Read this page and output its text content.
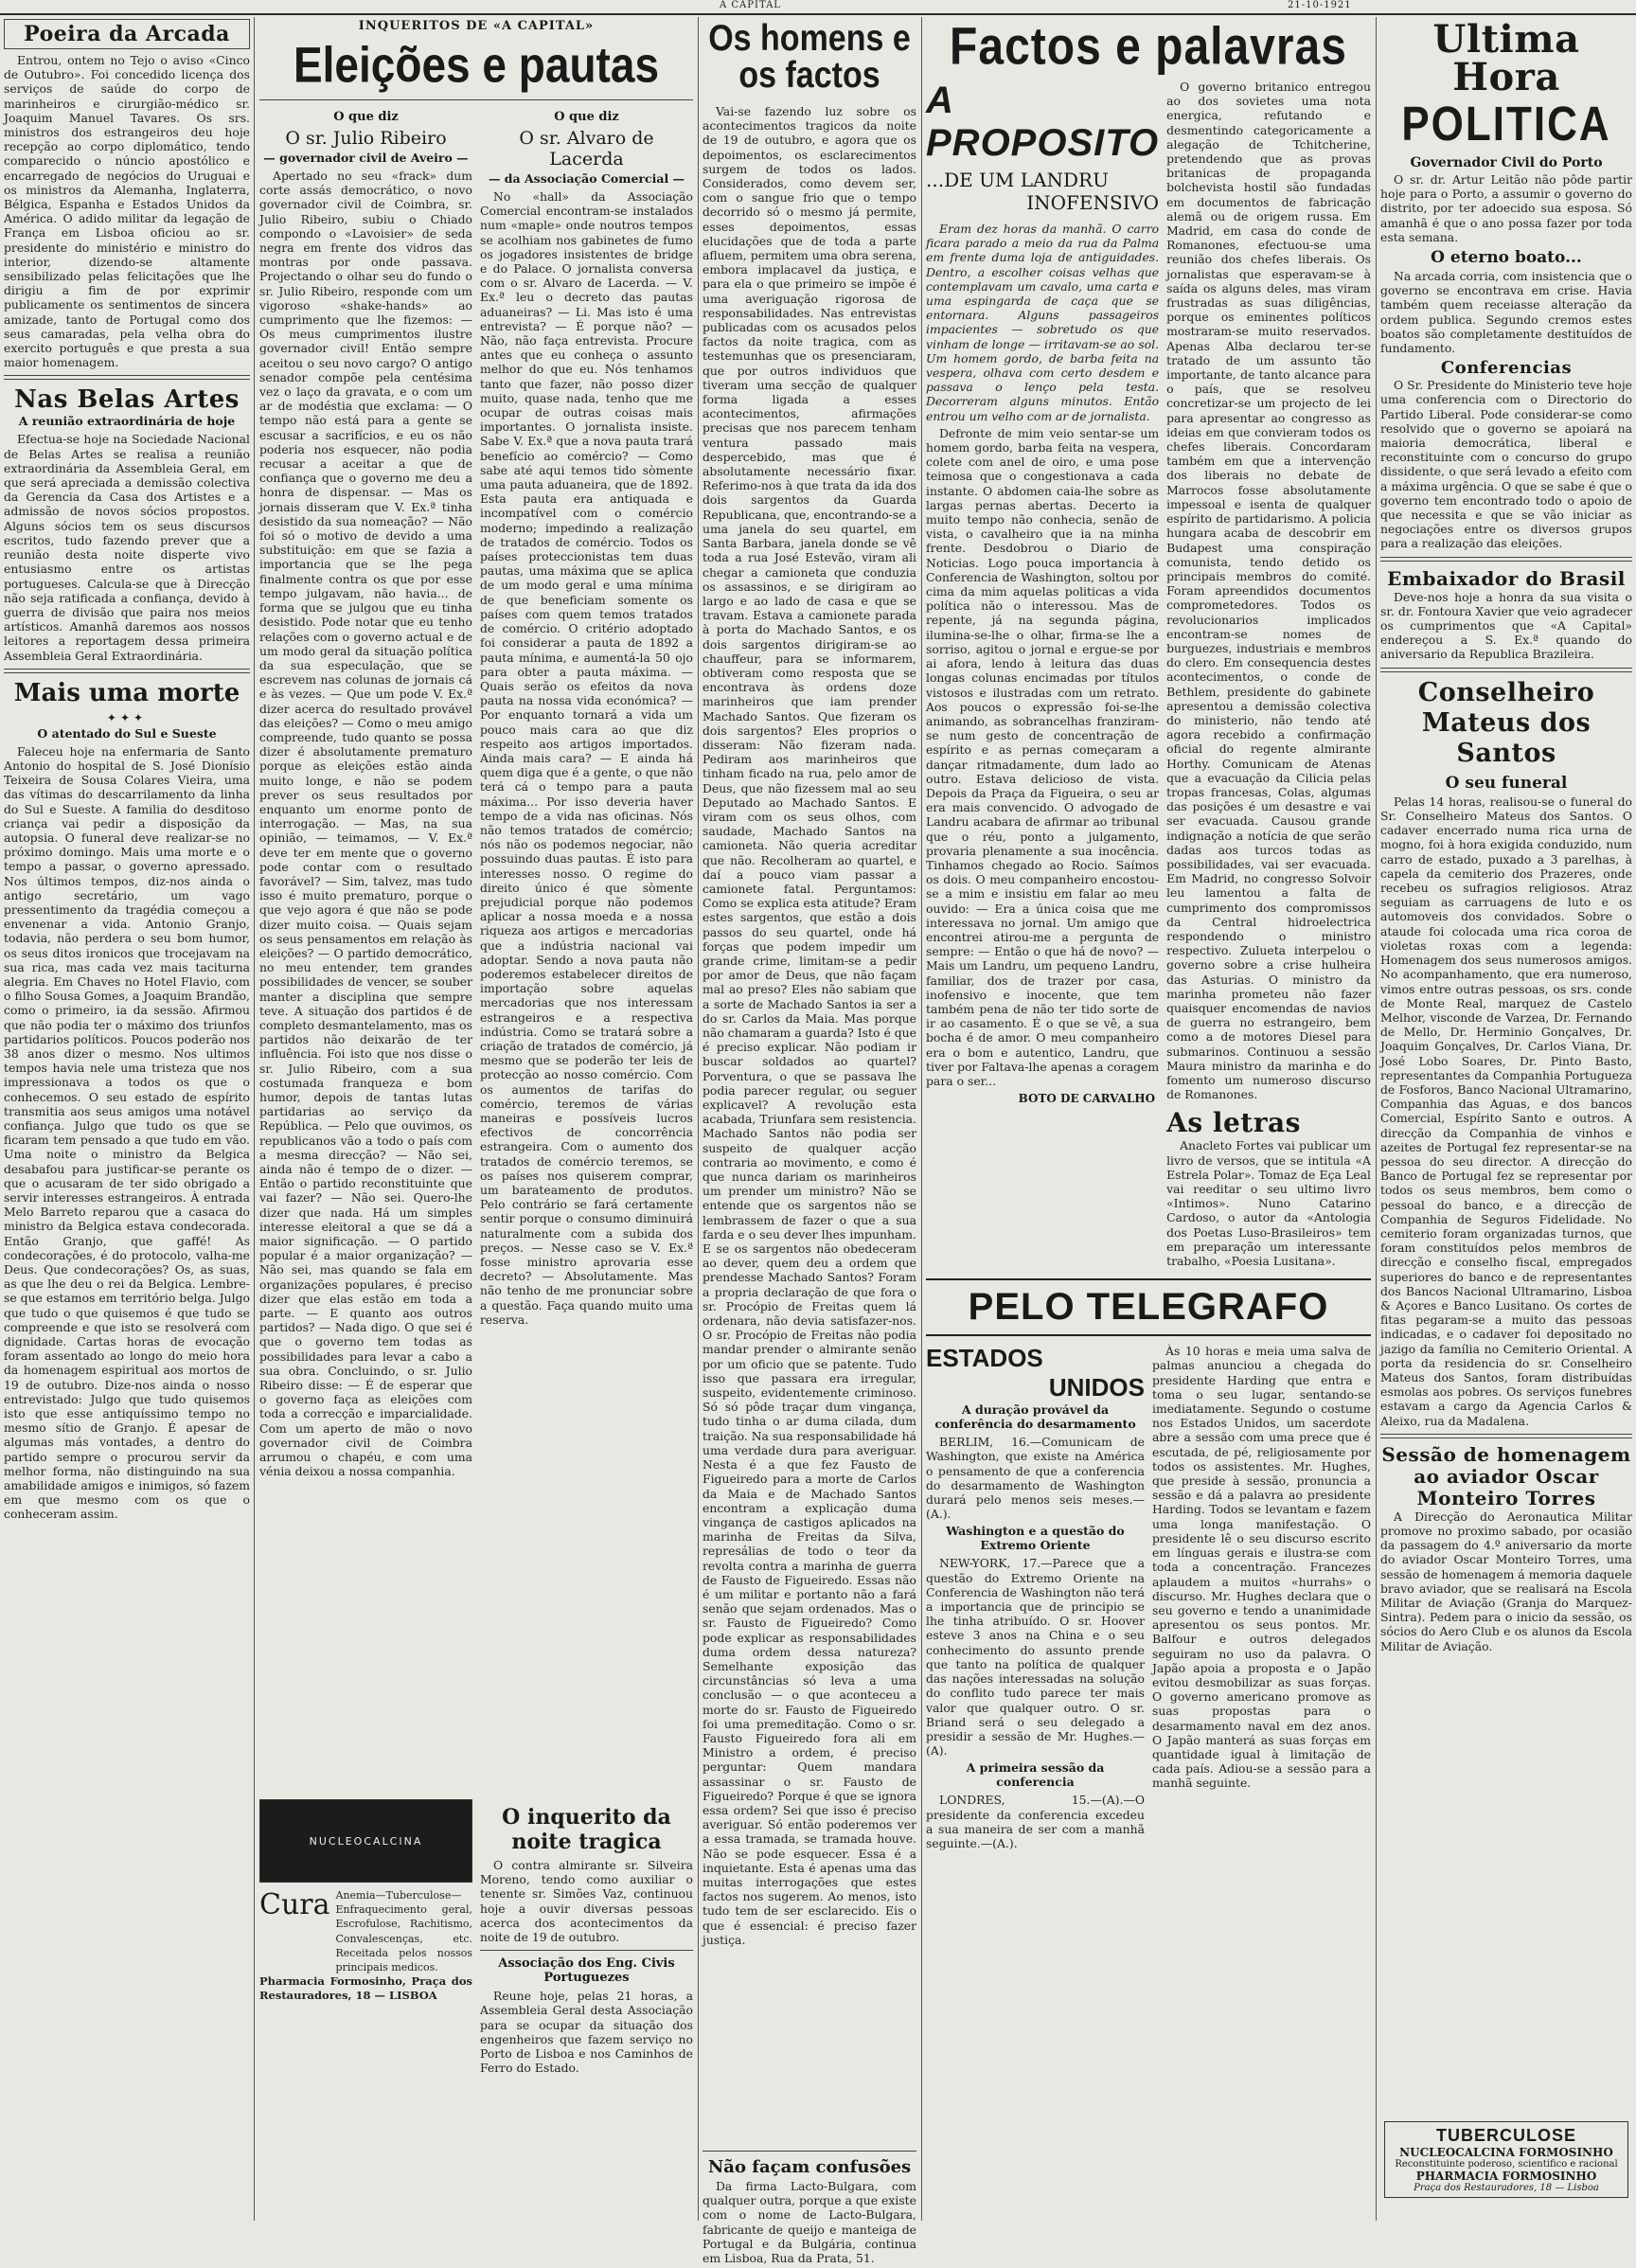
A CAPITAL	21-10-1921
Poeira da Arcada

Entrou, ontem no Tejo o aviso «Cinco de Outubro». Foi concedido licença dos serviços de saúde do corpo de marinheiros e cirurgião-médico sr. Joaquim Manuel Tavares. Os srs. ministros dos estrangeiros deu hoje recepção ao corpo diplomático, tendo comparecido o núncio apostólico e encarregado de negócios do Uruguai e os ministros da Alemanha, Inglaterra, Bélgica, Espanha e Estados Unidos da América. O adido militar da legação de França em Lisboa oficiou ao sr. presidente do ministério e ministro do interior, dizendo-se altamente sensibilizado pelas felicitações que lhe dirigiu a fim de por exprimir publicamente os sentimentos de sincera amizade, tanto de Portugal como dos seus camaradas, pela velha obra do exercito português e que presta a sua maior homenagem.

Nas Belas Artes
A reunião extraordinária de hoje

Efectua-se hoje na Sociedade Nacional de Belas Artes se realisa a reunião extraordinária da Assembleia Geral, em que será apreciada a demissão colectiva da Gerencia da Casa dos Artistes e a admissão de novos sócios propostos. Alguns sócios tem os seus discursos escritos, tudo fazendo prever que a reunião desta noite disperte vivo entusiasmo entre os artistas portugueses. Calcula-se que à Direcção não seja ratificada a confiança, devido à guerra de divisão que paira nos meios artísticos. Amanhã daremos aos nossos leitores a reportagem dessa primeira Assembleia Geral Extraordinária.

Mais uma morte
✦✦✦
O atentado do Sul e Sueste

Faleceu hoje na enfermaria de Santo Antonio do hospital de S. José Dionísio Teixeira de Sousa Colares Vieira, uma das vítimas do descarrilamento da linha do Sul e Sueste. A familia do desditoso criança vai pedir a disposição da autopsia. O funeral deve realizar-se no próximo domingo. Mais uma morte e o tempo a passar, o governo apressado. Nos últimos tempos, diz-nos ainda o antigo secretário, um vago pressentimento da tragédia começou a envenenar a vida. Antonio Granjo, todavia, não perdera o seu bom humor, os seus ditos ironicos que trocejavam na sua rica, mas cada vez mais taciturna alegria. Em Chaves no Hotel Flavio, com o filho Sousa Gomes, a Joaquim Brandão, como o primeiro, ia da sessão. Afirmou que não podia ter o máximo dos triunfos partidarios políticos. Poucos poderão nos 38 anos dizer o mesmo. Nos ultimos tempos havia nele uma tristeza que nos impressionava a todos os que o conhecemos. O seu estado de espírito transmitia aos seus amigos uma notável confiança. Julgo que tudo os que se ficaram tem pensado a que tudo em vão. Uma noite o ministro da Belgica desabafou para justificar-se perante os que o acusaram de ter sido obrigado a servir interesses estrangeiros. À entrada Melo Barreto reparou que a casaca do ministro da Belgica estava condecorada. Então Granjo, que gaffé! As condecorações, é do protocolo, valha-me Deus. Que condecorações? Os, as suas, as que lhe deu o rei da Belgica. Lembre-se que estamos em território belga. Julgo que tudo o que quisemos é que tudo se compreende e que isto se resolverá com dignidade. Cartas horas de evocação foram assentado ao longo do meio hora da homenagem espiritual aos mortos de 19 de outubro. Dize-nos ainda o nosso entrevistado: Julgo que tudo quisemos isto que esse antiquíssimo tempo no mesmo sítio de Granjo. É apesar de algumas más vontades, a dentro do partido sempre o procurou servir da melhor forma, não distinguindo na sua amabilidade amigos e inimigos, só fazem em que mesmo com os que o conheceram assim.

INQUERITOS DE «A CAPITAL»
Eleições e pautas
O que diz
O sr. Julio Ribeiro
— governador civil de Aveiro —

Apertado no seu «frack» dum corte assás democrático, o novo governador civil de Coimbra, sr. Julio Ribeiro, subiu o Chiado compondo o «Lavoisier» de seda negra em frente dos vidros das montras por onde passava. Projectando o olhar seu do fundo o sr. Julio Ribeiro, responde com um vigoroso «shake-hands» ao cumprimento que lhe fizemos: — Os meus cumprimentos ilustre governador civil! Então sempre aceitou o seu novo cargo? O antigo senador compõe pela centésima vez o laço da gravata, e o com um ar de modéstia que exclama: — O tempo não está para a gente se escusar a sacrifícios, e eu os não poderia nos esquecer, não podia recusar a aceitar a que de confiança que o governo me deu a honra de dispensar. — Mas os jornais disseram que V. Ex.ª tinha desistido da sua nomeação? — Não foi só o motivo de devido a uma substituição: em que se fazia a importancia que se lhe pega finalmente contra os que por esse tempo julgavam, não havia... de forma que se julgou que eu tinha desistido. Pode notar que eu tenho relações com o governo actual e de um modo geral da situação política da sua especulação, que se escrevem nas colunas de jornais cá e às vezes. — Que um pode V. Ex.ª dizer acerca do resultado provável das eleições? — Como o meu amigo compreende, tudo quanto se possa dizer é absolutamente prematuro porque as eleições estão ainda muito longe, e não se podem prever os seus resultados por enquanto um enorme ponto de interrogação. — Mas, na sua opinião, — teimamos, — V. Ex.ª deve ter em mente que o governo pode contar com o resultado favorável? — Sim, talvez, mas tudo isso é muito prematuro, porque o que vejo agora é que não se pode dizer muito coisa. — Quais sejam os seus pensamentos em relação às eleições? — O partido democrático, no meu entender, tem grandes possibilidades de vencer, se souber manter a disciplina que sempre teve. A situação dos partidos é de completo desmantelamento, mas os partidos não deixarão de ter influência. Foi isto que nos disse o sr. Julio Ribeiro, com a sua costumada franqueza e bom humor, depois de tantas lutas partidarias ao serviço da República. — Pelo que ouvimos, os republicanos vão a todo o país com a mesma direcção? — Não sei, ainda não é tempo de o dizer. — Então o partido reconstituinte que vai fazer? — Não sei. Quero-lhe dizer que nada. Há um simples interesse eleitoral a que se dá a maior significação. — O partido popular é a maior organização? — Não sei, mas quando se fala em organizações populares, é preciso dizer que elas estão em toda a parte. — E quanto aos outros partidos? — Nada digo. O que sei é que o governo tem todas as possibilidades para levar a cabo a sua obra. Concluindo, o sr. Julio Ribeiro disse: — É de esperar que o governo faça as eleições com toda a correcção e imparcialidade. Com um aperto de mão o novo governador civil de Coimbra arrumou o chapéu, e com uma vénia deixou a nossa companhia.

O que diz
O sr. Alvaro de Lacerda
— da Associação Comercial —

No «hall» da Associação Comercial encontram-se instalados num «maple» onde noutros tempos se acolhiam nos gabinetes de fumo os jogadores insistentes de bridge e do Palace. O jornalista conversa com o sr. Alvaro de Lacerda. — V. Ex.ª leu o decreto das pautas aduaneiras? — Li. Mas isto é uma entrevista? — É porque não? — Não, não faça entrevista. Procure antes que eu conheça o assunto melhor do que eu. Nós tenhamos tanto que fazer, não posso dizer muito, quase nada, tenho que me ocupar de outras coisas mais importantes. O jornalista insiste. Sabe V. Ex.ª que a nova pauta trará benefício ao comércio? — Como sabe até aqui temos tido sòmente uma pauta aduaneira, que de 1892. Esta pauta era antiquada e incompatível com o comércio moderno; impedindo a realização de tratados de comércio. Todos os países proteccionistas tem duas pautas, uma máxima que se aplica de um modo geral e uma mínima de que beneficiam somente os países com quem temos tratados de comércio. O critério adoptado foi considerar a pauta de 1892 a pauta mínima, e aumentá-la 50 ojo para obter a pauta máxima. — Quais serão os efeitos da nova pauta na nossa vida económica? — Por enquanto tornará a vida um pouco mais cara ao que diz respeito aos artigos importados. Ainda mais cara? — E ainda há quem diga que é a gente, o que não terá cá o tempo para a pauta máxima... Por isso deveria haver tempo de a vida nas oficinas. Nós não temos tratados de comércio; nós não os podemos negociar, não possuindo duas pautas. É isto para interesses nosso. O regime do direito único é que sòmente prejudicial porque não podemos aplicar a nossa moeda e a nossa riqueza aos artigos e mercadorias que a indústria nacional vai adoptar. Sendo a nova pauta não poderemos estabelecer direitos de importação sobre aquelas mercadorias que nos interessam estrangeiros e a respectiva indústria. Como se tratará sobre a criação de tratados de comércio, já mesmo que se poderão ter leis de protecção ao nosso comércio. Com os aumentos de tarifas do comércio, teremos de várias maneiras e possíveis lucros efectivos de concorrência estrangeira. Com o aumento dos tratados de comércio teremos, se os países nos quiserem comprar, um barateamento de produtos. Pelo contrário se fará certamente sentir porque o consumo diminuirá naturalmente com a subida dos preços. — Nesse caso se V. Ex.ª fosse ministro aprovaria esse decreto? — Absolutamente. Mas não tenho de me pronunciar sobre a questão. Faça quando muito uma reserva.

NUCLEOCALCINA
Cura Anemia—Tuberculose—Enfraquecimento geral, Escrofulose, Rachitismo, Convalescenças, etc. Receitada pelos nossos principais medicos.
Pharmacia Formosinho, Praça dos Restauradores, 18 — LISBOA
O inquerito da noite tragica

O contra almirante sr. Silveira Moreno, tendo como auxiliar o tenente sr. Simões Vaz, continuou hoje a ouvir diversas pessoas acerca dos acontecimentos da noite de 19 de outubro.

Associação dos Eng. Civis Portuguezes

Reune hoje, pelas 21 horas, a Assembleia Geral desta Associação para se ocupar da situação dos engenheiros que fazem serviço no Porto de Lisboa e nos Caminhos de Ferro do Estado.

Os homens e os factos

Vai-se fazendo luz sobre os acontecimentos tragicos da noite de 19 de outubro, e agora que os depoimentos, os esclarecimentos surgem de todos os lados. Considerados, como devem ser, com o sangue frio que o tempo decorrido só o mesmo já permite, esses depoimentos, essas elucidações que de toda a parte afluem, permitem uma obra serena, embora implacavel da justiça, e para ela o que primeiro se impõe é uma averiguação rigorosa de responsabilidades. Nas entrevistas publicadas com os acusados pelos factos da noite tragica, com as testemunhas que os presenciaram, que por outros individuos que tiveram uma secção de qualquer forma ligada a esses acontecimentos, afirmações precisas que nos parecem tenham ventura passado mais despercebido, mas que é absolutamente necessário fixar. Referimo-nos à que trata da ida dos dois sargentos da Guarda Republicana, que, encontrando-se a uma janela do seu quartel, em Santa Barbara, janela donde se vê toda a rua José Estevão, viram ali chegar a camioneta que conduzia os assassinos, e se dirigiram ao largo e ao lado de casa e que se travam. Estava a camionete parada à porta do Machado Santos, e os dois sargentos dirigiram-se ao chauffeur, para se informarem, obtiveram como resposta que se encontrava às ordens doze marinheiros que iam prender Machado Santos. Que fizeram os dois sargentos? Eles proprios o disseram: Não fizeram nada. Pediram aos marinheiros que tinham ficado na rua, pelo amor de Deus, que não fizessem mal ao seu Deputado ao Machado Santos. E viram com os seus olhos, com saudade, Machado Santos na camioneta. Não queria acreditar que não. Recolheram ao quartel, e daí a pouco viam passar a camionete fatal. Perguntamos: Como se explica esta atitude? Eram estes sargentos, que estão a dois passos do seu quartel, onde há forças que podem impedir um grande crime, limitam-se a pedir por amor de Deus, que não façam mal ao preso? Eles não sabiam que a sorte de Machado Santos ia ser a do sr. Carlos da Maia. Mas porque não chamaram a guarda? Isto é que é preciso explicar. Não podiam ir buscar soldados ao quartel? Porventura, o que se passava lhe podia parecer regular, ou seguer explicavel? A revolução esta acabada, Triunfara sem resistencia. Machado Santos não podia ser suspeito de qualquer acção contraria ao movimento, e como é que nunca dariam os marinheiros um prender um ministro? Não se entende que os sargentos não se lembrassem de fazer o que a sua farda e o seu dever lhes impunham. E se os sargentos não obedeceram ao dever, quem deu a ordem que prendesse Machado Santos? Foram a propria declaração de que fora o sr. Procópio de Freitas quem lá ordenara, não devia satisfazer-nos. O sr. Procópio de Freitas não podia mandar prender o almirante senão por um oficio que se patente. Tudo isso que passara era irregular, suspeito, evidentemente criminoso. Só só pôde traçar dum vingança, tudo tinha o ar duma cilada, dum traição. Na sua responsabilidade há uma verdade dura para averiguar. Nesta é a que fez Fausto de Figueiredo para a morte de Carlos da Maia e de Machado Santos encontram a explicação duma vingança de castigos aplicados na marinha de Freitas da Silva, represálias de todo o teor da revolta contra a marinha de guerra de Fausto de Figueiredo. Essas não é um militar e portanto não a fará senão que sejam ordenados. Mas o sr. Fausto de Figueiredo? Como pode explicar as responsabilidades duma ordem dessa natureza? Semelhante exposição das circunstâncias só leva a uma conclusão — o que aconteceu a morte do sr. Fausto de Figueiredo foi uma premeditação. Como o sr. Fausto Figueiredo fora ali em Ministro a ordem, é preciso perguntar: Quem mandara assassinar o sr. Fausto de Figueiredo? Porque é que se ignora essa ordem? Sei que isso é preciso averiguar. Só então poderemos ver a essa tramada, se tramada houve. Não se pode esquecer. Essa é a inquietante. Esta é apenas uma das muitas interrogações que estes factos nos sugerem. Ao menos, isto tudo tem de ser esclarecido. Eis o que é essencial: é preciso fazer justiça.

Não façam confusões

Da firma Lacto-Bulgara, com qualquer outra, porque a que existe com o nome de Lacto-Bulgara, fabricante de queijo e manteiga de Portugal e da Bulgária, continua em Lisboa, Rua da Prata, 51.

Factos e palavras
A PROPOSITO
...DE UM LANDRU
INOFENSIVO

Eram dez horas da manhã. O carro ficara parado a meio da rua da Palma em frente duma loja de antiguidades. Dentro, a escolher coisas velhas que contemplavam um cavalo, uma carta e uma espingarda de caça que se entornara. Alguns passageiros impacientes — sobretudo os que vinham de longe — irritavam-se ao sol. Um homem gordo, de barba feita na vespera, olhava com certo desdem e passava o lenço pela testa. Decorreram alguns minutos. Então entrou um velho com ar de jornalista.

Defronte de mim veio sentar-se um homem gordo, barba feita na vespera, colete com anel de oiro, e uma pose teimosa que o congestionava a cada instante. O abdomen caia-lhe sobre as largas pernas abertas. Decerto ia muito tempo não conhecia, senão de vista, o cavalheiro que ia na minha frente. Desdobrou o Diario de Noticias. Logo pouca importancia à Conferencia de Washington, soltou por cima da mim aquelas politicas a vida política não o interessou. Mas de repente, já na segunda página, ilumina-se-lhe o olhar, firma-se lhe a sorriso, agitou o jornal e ergue-se por ai afora, lendo à leitura das duas longas colunas encimadas por títulos vistosos e ilustradas com um retrato. Aos poucos o expressão foi-se-lhe animando, as sobrancelhas franziram-se num gesto de concentração de espírito e as pernas começaram a dançar ritmadamente, dum lado ao outro. Estava delicioso de vista. Depois da Praça da Figueira, o seu ar era mais convencido. O advogado de Landru acabara de afirmar ao tribunal que o réu, ponto a julgamento, provaria plenamente a sua inocência. Tinhamos chegado ao Rocio. Saímos os dois. O meu companheiro encostou-se a mim e insistiu em falar ao meu ouvido: — Era a única coisa que me interessava no jornal. Um amigo que encontrei atirou-me a pergunta de sempre: — Então o que há de novo? — Mais um Landru, um pequeno Landru, familiar, dos de trazer por casa, inofensivo e inocente, que tem também pena de não ter tido sorte de ir ao casamento. É o que se vê, a sua bocha é de amor. O meu companheiro era o bom e autentico, Landru, que tiver por Faltava-lhe apenas a coragem para o ser...

BOTO DE CARVALHO

O governo britanico entregou ao dos sovietes uma nota energica, refutando e desmentindo categoricamente a alegação de Tchitcherine, pretendendo que as provas britanicas de propaganda bolchevista hostil são fundadas em documentos de fabricação alemã ou de origem russa. Em Madrid, em casa do conde de Romanones, efectuou-se uma reunião dos chefes liberais. Os jornalistas que esperavam-se à saída os alguns deles, mas viram frustradas as suas diligências, porque os eminentes políticos mostraram-se muito reservados. Apenas Alba declarou ter-se tratado de um assunto tão importante, de tanto alcance para o país, que se resolveu concretizar-se um projecto de lei para apresentar ao congresso as ideias em que convieram todos os chefes liberais. Concordaram também em que a intervenção dos liberais no debate de Marrocos fosse absolutamente impessoal e isenta de qualquer espírito de partidarismo. A policia hungara acaba de descobrir em Budapest uma conspiração comunista, tendo detido os principais membros do comité. Foram apreendidos documentos comprometedores. Todos os revolucionarios implicados encontram-se nomes de burguezes, industriais e membros do clero. Em consequencia destes acontecimentos, o conde de Bethlem, presidente do gabinete apresentou a demissão colectiva do ministerio, não tendo até agora recebido a confirmação oficial do regente almirante Horthy. Comunicam de Atenas que a evacuação da Cilicia pelas tropas francesas, Colas, algumas das posições é um desastre e vai ser evacuada. Causou grande indignação a notícia de que serão dadas aos turcos todas as possibilidades, vai ser evacuada. Em Madrid, no congresso Solvoir leu lamentou a falta de cumprimento dos compromissos da Central hidroelectrica respondendo o ministro respectivo. Zulueta interpelou o governo sobre a crise hulheira das Asturias. O ministro da marinha prometeu não fazer quaisquer encomendas de navios de guerra no estrangeiro, bem como a de motores Diesel para submarinos. Continuou a sessão Maura ministro da marinha e do fomento um numeroso discurso de Romanones.

As letras

Anacleto Fortes vai publicar um livro de versos, que se intitula «A Estrela Polar». Tomaz de Eça Leal vai reeditar o seu ultimo livro «Intimos». Nuno Catarino Cardoso, o autor da «Antologia dos Poetas Luso-Brasileiros» tem em preparação um interessante trabalho, «Poesia Lusitana».

PELO TELEGRAFO
ESTADOS
UNIDOS
A duração provável da conferência do desarmamento

BERLIM, 16.—Comunicam de Washington, que existe na América o pensamento de que a conferencia do desarmamento de Washington durará pelo menos seis meses.—(A.).

Washington e a questão do Extremo Oriente

NEW-YORK, 17.—Parece que a questão do Extremo Oriente na Conferencia de Washington não terá a importancia que de principio se lhe tinha atribuído. O sr. Hoover esteve 3 anos na China e o seu conhecimento do assunto prende que tanto na política de qualquer das nações interessadas na solução do conflito tudo parece ter mais valor que qualquer outro. O sr. Briand será o seu delegado a presidir a sessão de Mr. Hughes.—(A).

A primeira sessão da conferencia

LONDRES, 15.—(A).—O presidente da conferencia excedeu a sua maneira de ser com a manhã seguinte.—(A.).

Às 10 horas e meia uma salva de palmas anunciou a chegada do presidente Harding que entra e toma o seu lugar, sentando-se imediatamente. Segundo o costume nos Estados Unidos, um sacerdote abre a sessão com uma prece que é escutada, de pé, religiosamente por todos os assistentes. Mr. Hughes, que preside à sessão, pronuncia a sessão e dá a palavra ao presidente Harding. Todos se levantam e fazem uma longa manifestação. O presidente lê o seu discurso escrito em línguas gerais e ilustra-se com toda a concentração. Francezes aplaudem a muitos «hurrahs» o discurso. Mr. Hughes declara que o seu governo e tendo a unanimidade apresentou os seus pontos. Mr. Balfour e outros delegados seguiram no uso da palavra. O Japão apoia a proposta e o Japão evitou desmobilizar as suas forças. O governo americano promove as suas propostas para o desarmamento naval em dez anos. O Japão manterá as suas forças em quantidade igual à limitação de cada país. Adiou-se a sessão para a manhã seguinte.

Ultima Hora
POLITICA
Governador Civil do Porto

O sr. dr. Artur Leitão não pôde partir hoje para o Porto, a assumir o governo do distrito, por ter adoecido sua esposa. Só amanhã é que o ano possa fazer por toda esta semana.

O eterno boato...

Na arcada corria, com insistencia que o governo se encontrava em crise. Havia também quem receiasse alteração da ordem publica. Segundo cremos estes boatos são completamente destituídos de fundamento.

Conferencias

O Sr. Presidente do Ministerio teve hoje uma conferencia com o Directorio do Partido Liberal. Pode considerar-se como resolvido que o governo se apoiará na maioria democrática, liberal e reconstituinte com o concurso do grupo dissidente, o que será levado a efeito com a máxima urgência. O que se sabe é que o governo tem encontrado todo o apoio de que necessita e que se vão iniciar as negociações entre os diversos grupos para a realização das eleições.

Embaixador do Brasil

Deve-nos hoje a honra da sua visita o sr. dr. Fontoura Xavier que veio agradecer os cumprimentos que «A Capital» endereçou a S. Ex.ª quando do aniversario da Republica Brazileira.

Conselheiro Mateus dos Santos
O seu funeral

Pelas 14 horas, realisou-se o funeral do Sr. Conselheiro Mateus dos Santos. O cadaver encerrado numa rica urna de mogno, foi à hora exigida conduzido, num carro de estado, puxado a 3 parelhas, à capela da cemiterio dos Prazeres, onde recebeu os sufragios religiosos. Atraz seguiam as carruagens de luto e os automoveis dos convidados. Sobre o ataude foi colocada uma rica coroa de violetas roxas com a legenda: Homenagem dos seus numerosos amigos. No acompanhamento, que era numeroso, vimos entre outras pessoas, os srs. conde de Monte Real, marquez de Castelo Melhor, visconde de Varzea, Dr. Fernando de Mello, Dr. Herminio Gonçalves, Dr. Joaquim Gonçalves, Dr. Carlos Viana, Dr. José Lobo Soares, Dr. Pinto Basto, representantes da Companhia Portugueza de Fosforos, Banco Nacional Ultramarino, Companhia das Aguas, e dos bancos Comercial, Espírito Santo e outros. A direcção da Companhia de vinhos e azeites de Portugal fez representar-se na pessoa do seu director. A direcção do Banco de Portugal fez se representar por todos os seus membros, bem como o pessoal do banco, e a direcção de Companhia de Seguros Fidelidade. No cemiterio foram organizadas turnos, que foram constituídos pelos membros de direcção e conselho fiscal, empregados superiores do banco e de representantes dos Bancos Nacional Ultramarino, Lisboa & Açores e Banco Lusitano. Os cortes de fitas pegaram-se a muito das pessoas indicadas, e o cadaver foi depositado no jazigo da família no Cemiterio Oriental. A porta da residencia do sr. Conselheiro Mateus dos Santos, foram distribuídas esmolas aos pobres. Os serviços funebres estavam a cargo da Agencia Carlos & Aleixo, rua da Madalena.

Sessão de homenagem ao aviador Oscar Monteiro Torres

A Direcção do Aeronautica Militar promove no proximo sabado, por ocasião da passagem do 4.º aniversario da morte do aviador Oscar Monteiro Torres, uma sessão de homenagem á memoria daquele bravo aviador, que se realisará na Escola Militar de Aviação (Granja do Marquez-Sintra). Pedem para o inicio da sessão, os sócios do Aero Club e os alunos da Escola Militar de Aviação.

TUBERCULOSE
NUCLEOCALCINA FORMOSINHO
Reconstituinte poderoso, scientifico e racional
PHARMACIA FORMOSINHO
Praça dos Restauradores, 18 — Lisboa
